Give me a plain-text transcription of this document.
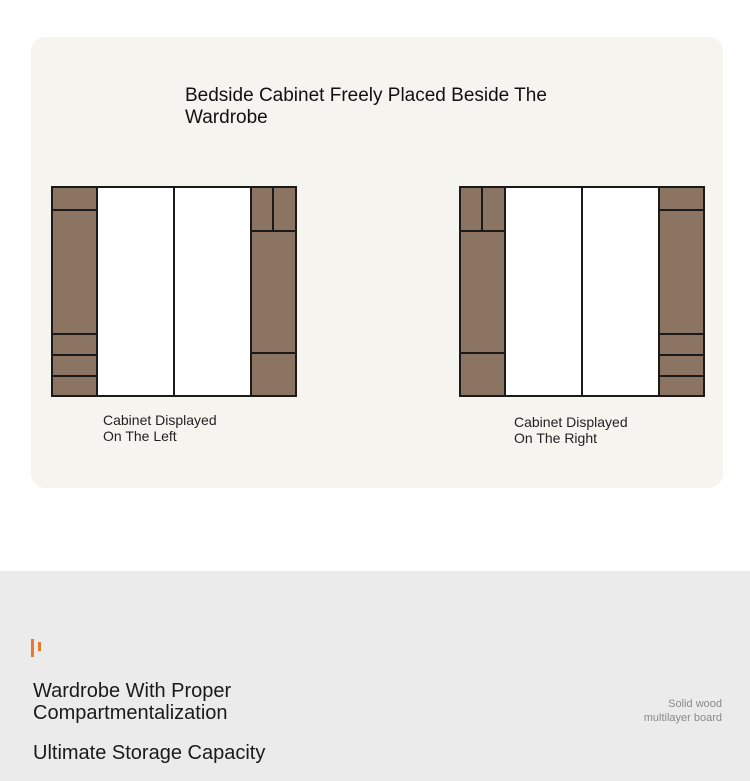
Bedside Cabinet Freely Placed Beside The Wardrobe
Cabinet Displayed
On The Left
Cabinet Displayed
On The Right
Wardrobe With Proper
Compartmentalization
Ultimate Storage Capacity
Solid wood
multilayer board
